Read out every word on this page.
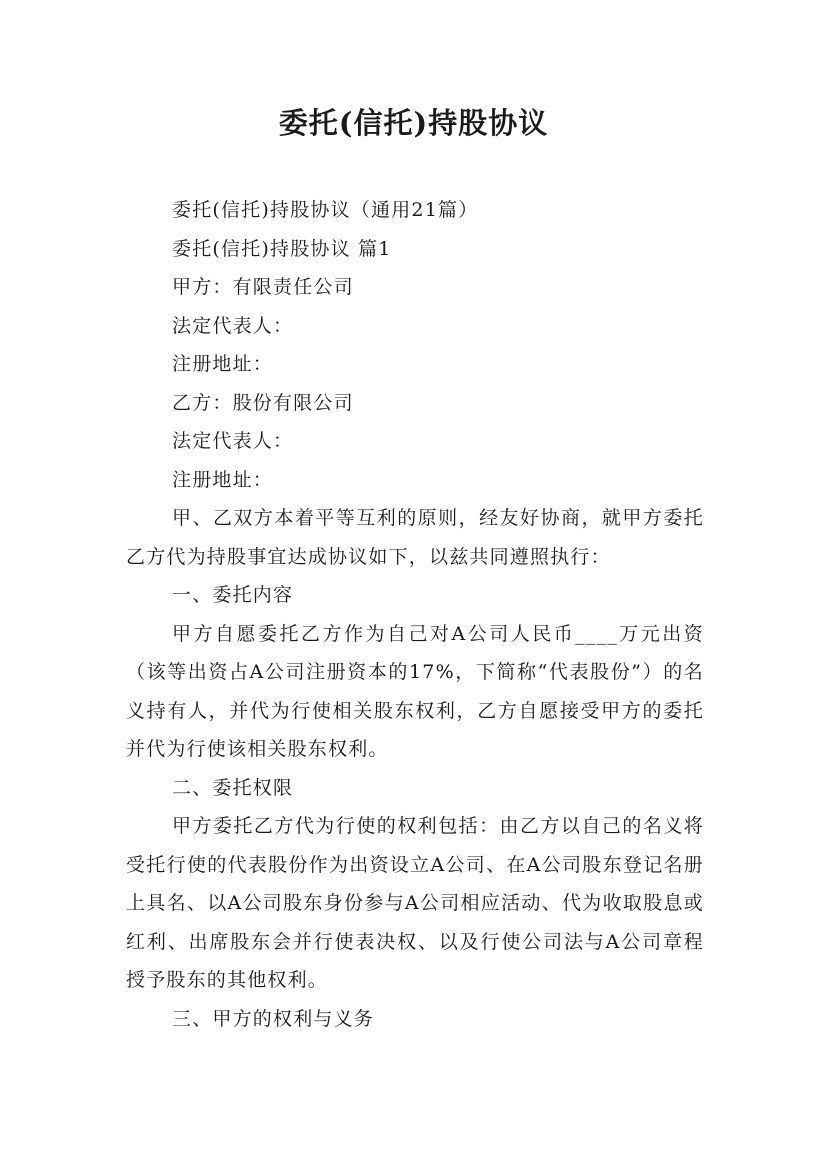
委托(信托)持股协议

委托(信托)持股协议（通用21篇）

委托(信托)持股协议 篇1

甲方：有限责任公司

法定代表人：

注册地址：

乙方：股份有限公司

法定代表人：

注册地址：

甲、乙双方本着平等互利的原则，经友好协商，就甲方委托乙方代为持股事宜达成协议如下，以兹共同遵照执行：

一、委托内容

甲方自愿委托乙方作为自己对A公司人民币____万元出资（该等出资占A公司注册资本的17%，下简称“代表股份”）的名义持有人，并代为行使相关股东权利，乙方自愿接受甲方的委托并代为行使该相关股东权利。

二、委托权限

甲方委托乙方代为行使的权利包括：由乙方以自己的名义将受托行使的代表股份作为出资设立A公司、在A公司股东登记名册上具名、以A公司股东身份参与A公司相应活动、代为收取股息或红利、出席股东会并行使表决权、以及行使公司法与A公司章程授予股东的其他权利。

三、甲方的权利与义务
